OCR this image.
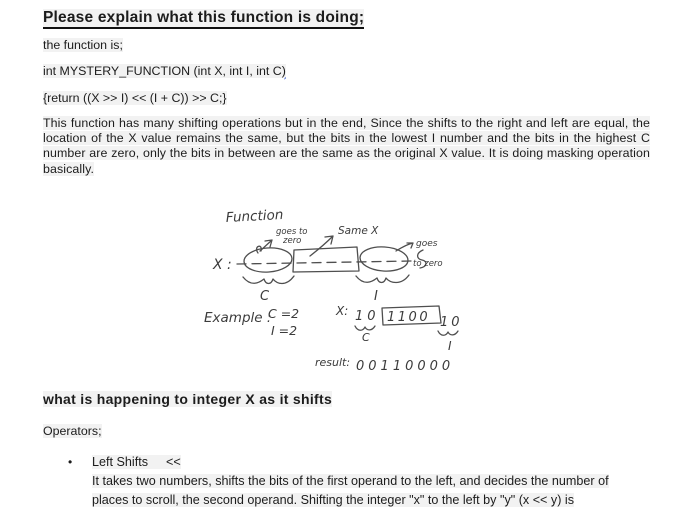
Please explain what this function is doing;
the function is;
int MYSTERY_FUNCTION (int X, int I, int C)
{return ((X >> I) << (I + C)) >> C;}
This function has many shifting operations but in the end, Since the shifts to the right and left are equal, the location of the X value remains the same, but the bits in the lowest I number and the bits in the highest C number are zero, only the bits in between are the same as the original X value. It is doing masking operation basically.
Function
goes to
zero
Same X
X :
C	I
goes
to zero
Example :
C =2
I =2
X: 10 1100 10
C
I
result: 00110000
what is happening to integer X as it shifts
Operators;
•	Left Shifts <<
It takes two numbers, shifts the bits of the first operand to the left, and decides the number of places to scroll, the second operand. Shifting the integer "x" to the left by "y" (x << y) is
